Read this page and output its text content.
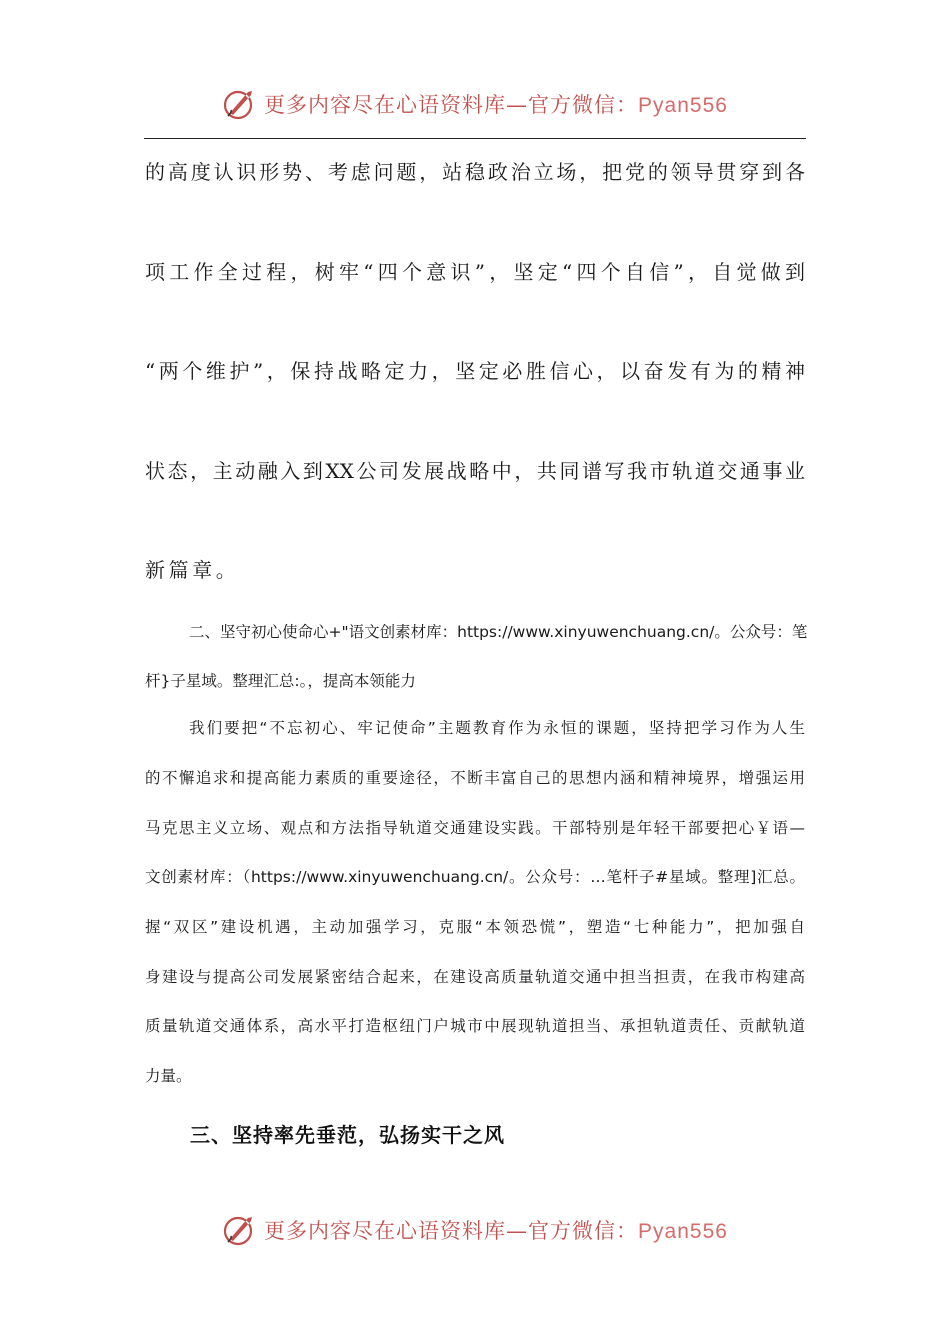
更多内容尽在心语资料库—官方微信：Pyan556
的高度认识形势、考虑问题，站稳政治立场，把党的领导贯穿到各
项工作全过程，树牢“四个意识”，坚定“四个自信”，自觉做到
“两个维护”，保持战略定力，坚定必胜信心，以奋发有为的精神
状态，主动融入到XX公司发展战略中，共同谱写我市轨道交通事业
新篇章。
二、坚守初心使命心+"语文创素材库：https://www.xinyuwenchuang.cn/。公众号：笔
杆}子星域。整理汇总:。，提高本领能力
我们要把“不忘初心、牢记使命”主题教育作为永恒的课题，坚持把学习作为人生
的不懈追求和提高能力素质的重要途径，不断丰富自己的思想内涵和精神境界，增强运用
马克思主义立场、观点和方法指导轨道交通建设实践。干部特别是年轻干部要把心￥语—
文创素材库：（https://www.xinyuwenchuang.cn/。公众号：…笔杆子#星域。整理]汇总。
握“双区”建设机遇，主动加强学习，克服“本领恐慌”，塑造“七种能力”，把加强自
身建设与提高公司发展紧密结合起来，在建设高质量轨道交通中担当担责，在我市构建高
质量轨道交通体系，高水平打造枢纽门户城市中展现轨道担当、承担轨道责任、贡献轨道
力量。
三、坚持率先垂范，弘扬实干之风
更多内容尽在心语资料库—官方微信：Pyan556
